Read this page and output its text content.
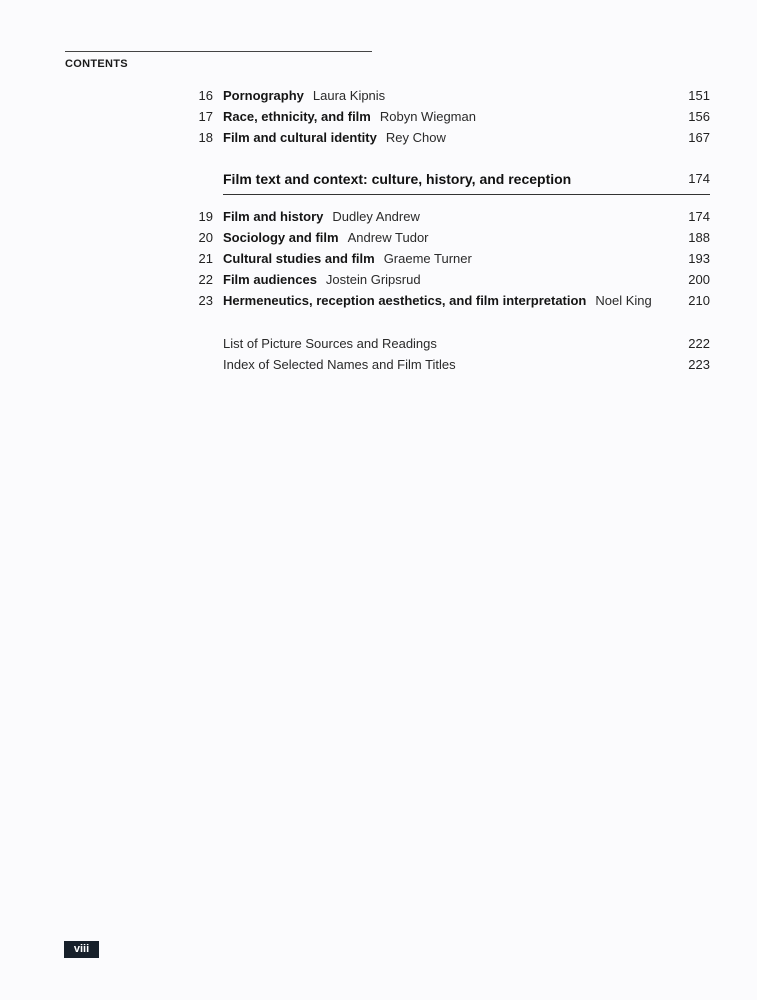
CONTENTS
16 Pornography Laura Kipnis	151
17 Race, ethnicity, and film Robyn Wiegman	156
18 Film and cultural identity Rey Chow	167
Film text and context: culture, history, and reception	174
19 Film and history Dudley Andrew	174
20 Sociology and film Andrew Tudor	188
21 Cultural studies and film Graeme Turner	193
22 Film audiences Jostein Gripsrud	200
23 Hermeneutics, reception aesthetics, and film interpretation Noel King	210
List of Picture Sources and Readings	222
Index of Selected Names and Film Titles	223
viii
